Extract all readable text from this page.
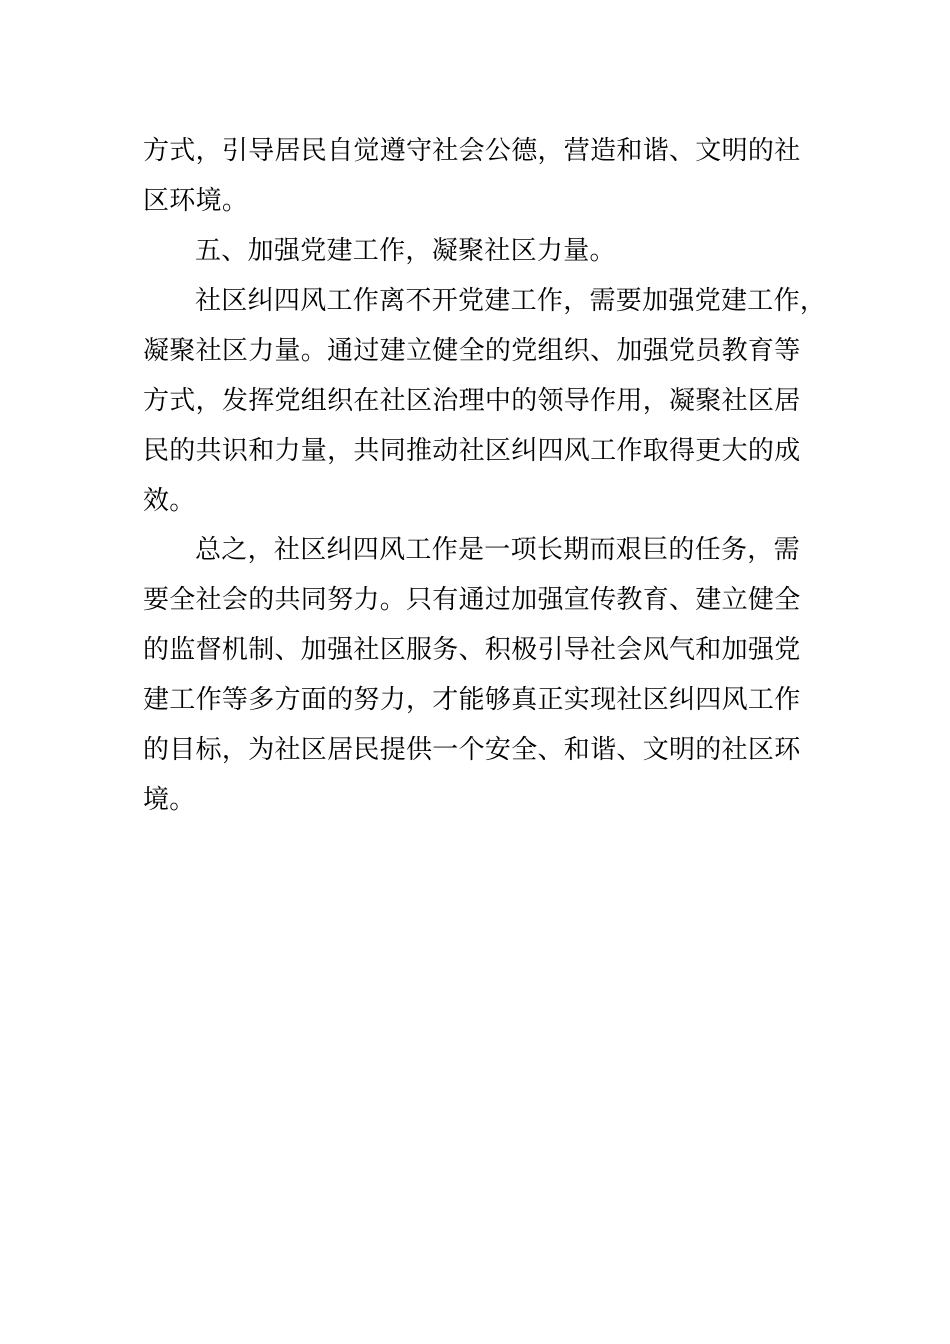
方式，引导居民自觉遵守社会公德，营造和谐、文明的社
区环境。
五、加强党建工作，凝聚社区力量。
社区纠四风工作离不开党建工作，需要加强党建工作，
凝聚社区力量。通过建立健全的党组织、加强党员教育等
方式，发挥党组织在社区治理中的领导作用，凝聚社区居
民的共识和力量，共同推动社区纠四风工作取得更大的成
效。
总之，社区纠四风工作是一项长期而艰巨的任务，需
要全社会的共同努力。只有通过加强宣传教育、建立健全
的监督机制、加强社区服务、积极引导社会风气和加强党
建工作等多方面的努力，才能够真正实现社区纠四风工作
的目标，为社区居民提供一个安全、和谐、文明的社区环
境。
